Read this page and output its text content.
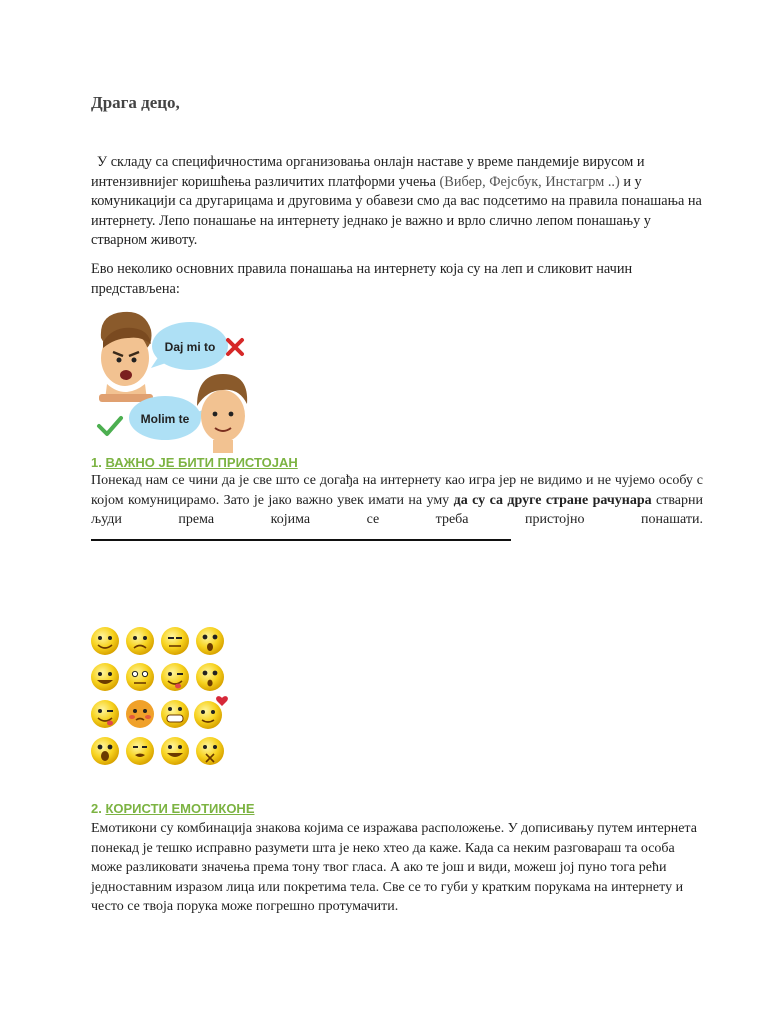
Драга децо,
У складу са специфичностима организовања онлајн наставе у време пандемије вирусом и интензивнијег коришћења различитих платформи учења (Вибер, Фејсбук, Инстагрм ..) и у комуникацији са другарицама и друговима у обавези смо да вас подсетимо на правила понашања на интернету. Лепо понашање на интернету једнако је важно и врло слично лепом понашању у стварном животу.
Ево неколико основних правила понашања на интернету која су на леп и сликовит начин представљена:
Daj mi to
Molim te
1. ВАЖНО ЈЕ БИТИ ПРИСТОЈАН
Понекад нам се чини да је све што се догађа на интернету као игра јер не видимо и не чујемо особу с којом комуницирамо. Зато је јако важно увек имати на уму да су са друге стране рачунара стварни људи према којима се треба пристојно понашати.
2. КОРИСТИ ЕМОТИКОНЕ
Емотикони су комбинација знакова којима се изражава расположење. У дописивању путем интернета понекад је тешко исправно разумети шта је неко хтео да каже. Када са неким разговараш та особа може разликовати значења према тону твог гласа. А ако те још и види, можеш јој пуно тога рећи једноставним изразом лица или покретима тела. Све се то губи у кратким порукама на интернету и често се твоја порука може погрешно протумачити.
